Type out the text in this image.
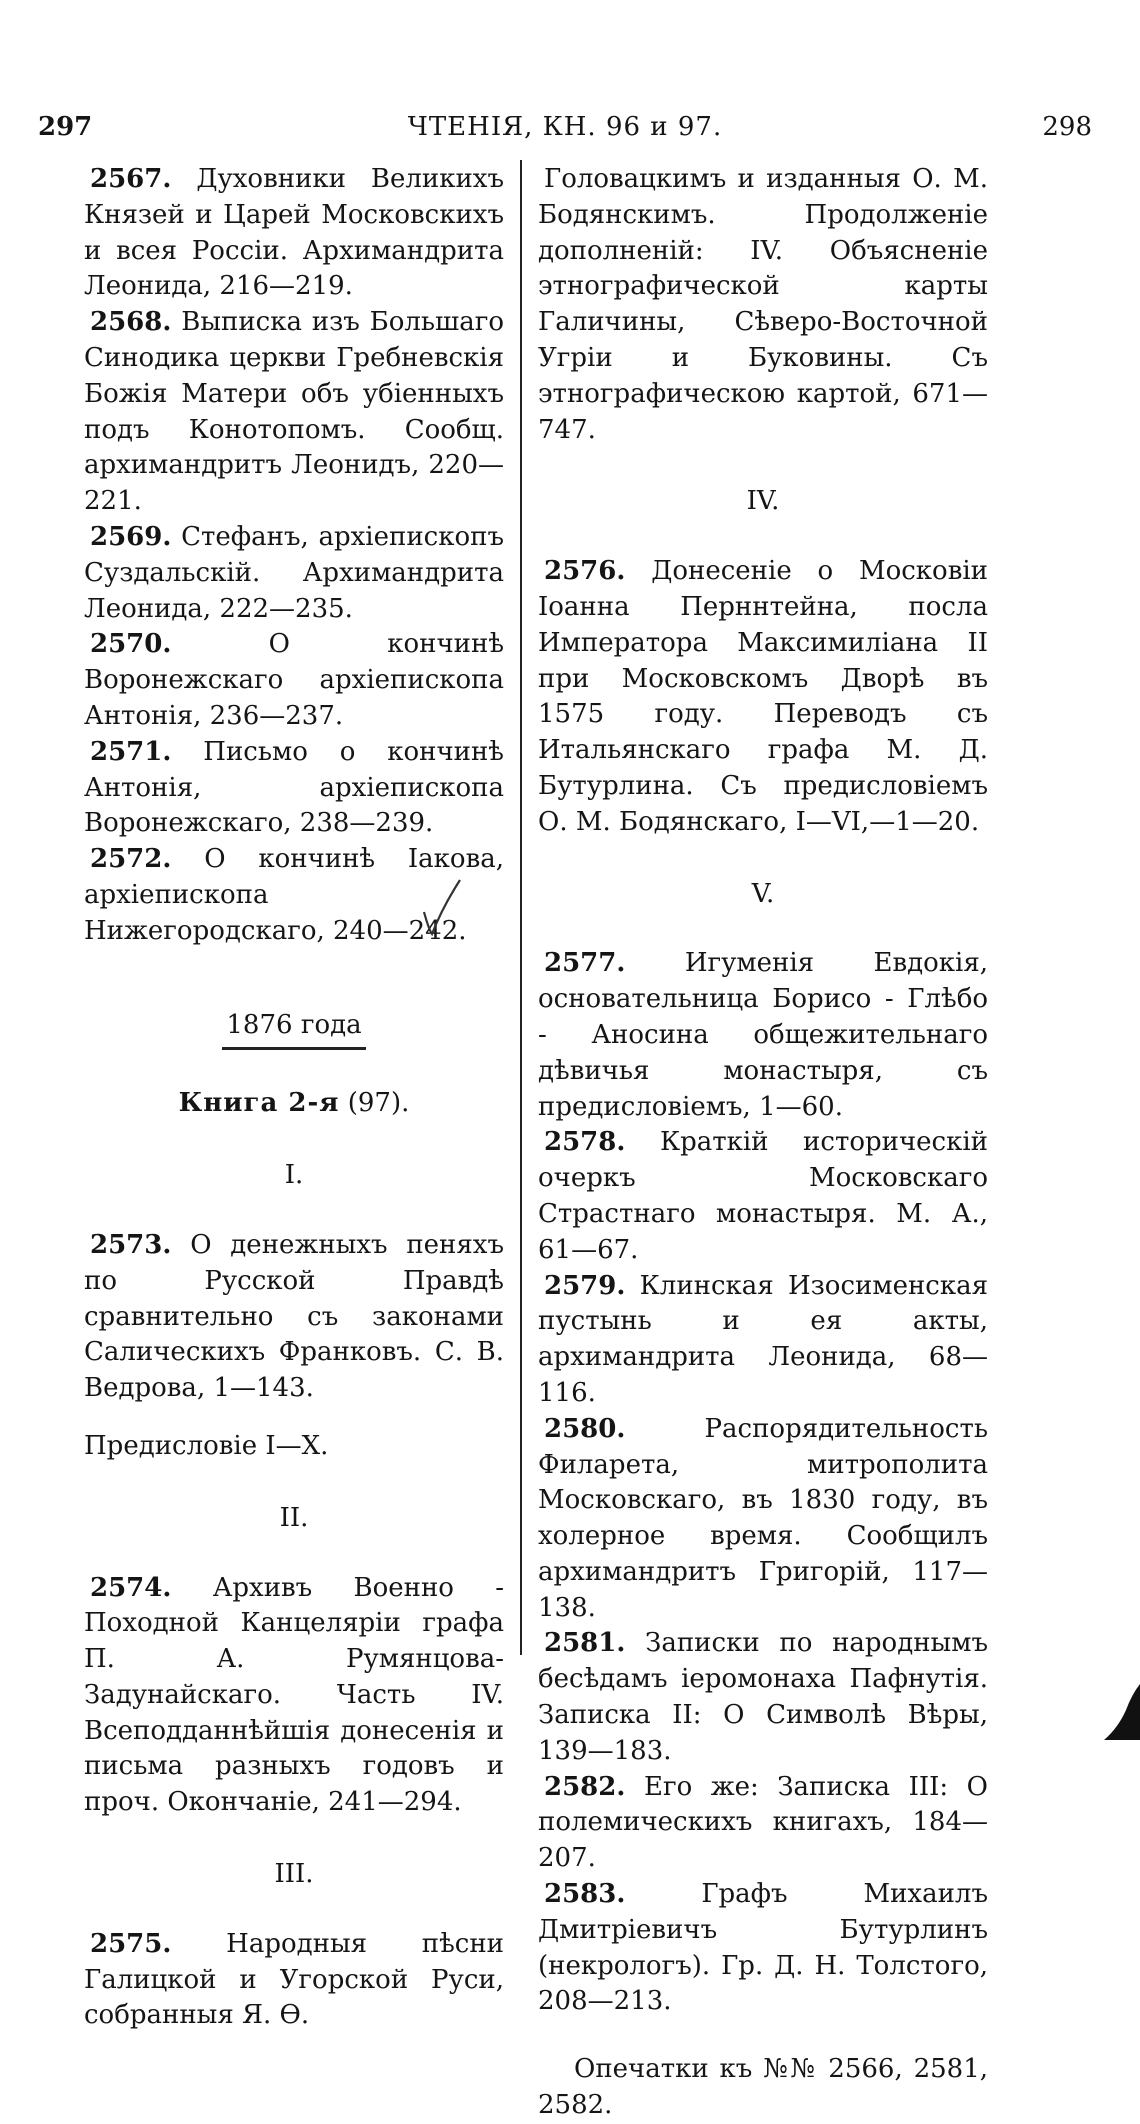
297	ЧТЕНІЯ, КН. 96 и 97.	298

2567. Духовники Великихъ Князей и Царей Московскихъ и всея Россіи. Архимандрита Леонида, 216—219.

2568. Выписка изъ Большаго Синодика церкви Гребневскія Божія Матери объ убіенныхъ подъ Конотопомъ. Сообщ. архимандритъ Леонидъ, 220—221.

2569. Стефанъ, архіепископъ Суздальскій. Архимандрита Леонида, 222—235.

2570. О кончинѣ Воронежскаго архіепископа Антонія, 236—237.

2571. Письмо о кончинѣ Антонія, архіепископа Воронежскаго, 238—239.

2572. О кончинѣ Іакова, архіепископа Нижегородскаго, 240—242.

1876 года
Книга 2-я (97).
I.

2573. О денежныхъ пеняхъ по Русской Правдѣ сравнительно съ законами Салическихъ Франковъ. С. В. Ведрова, 1—143.

Предисловіе I—X.

II.

2574. Архивъ Военно - Походной Канцеляріи графа П. А. Румянцова-Задунайскаго. Часть IV. Всеподданнѣйшія донесенія и письма разныхъ годовъ и проч. Окончаніе, 241—294.

III.

2575. Народныя пѣсни Галицкой и Угорской Руси, собранныя Я. Ѳ.

Головацкимъ и изданныя О. М. Бодянскимъ. Продолженіе дополненій: IV. Объясненіе этнографической карты Галичины, Сѣверо-Восточной Угріи и Буковины. Съ этнографическою картой, 671—747.

IV.

2576. Донесеніе о Московіи Іоанна Перннтейна, посла Императора Максимиліана II при Московскомъ Дворѣ въ 1575 году. Переводъ съ Итальянскаго графа М. Д. Бутурлина. Съ предисловіемъ О. М. Бодянскаго, I—VI,—1—20.

V.

2577. Игуменія Евдокія, основательница Борисо - Глѣбо - Аносина общежительнаго дѣвичья монастыря, съ предисловіемъ, 1—60.

2578. Краткій историческій очеркъ Московскаго Страстнаго монастыря. М. А., 61—67.

2579. Клинская Изосименская пустынь и ея акты, архимандрита Леонида, 68—116.

2580. Распорядительность Филарета, митрополита Московскаго, въ 1830 году, въ холерное время. Сообщилъ архимандритъ Григорій, 117—138.

2581. Записки по народнымъ бесѣдамъ іеромонаха Пафнутія. Записка II: О Символѣ Вѣры, 139—183.

2582. Его же: Записка III: О полемическихъ книгахъ, 184—207.

2583. Графъ Михаилъ Дмитріевичъ Бутурлинъ (некрологъ). Гр. Д. Н. Толстого, 208—213.

Опечатки къ №№ 2566, 2581, 2582.
